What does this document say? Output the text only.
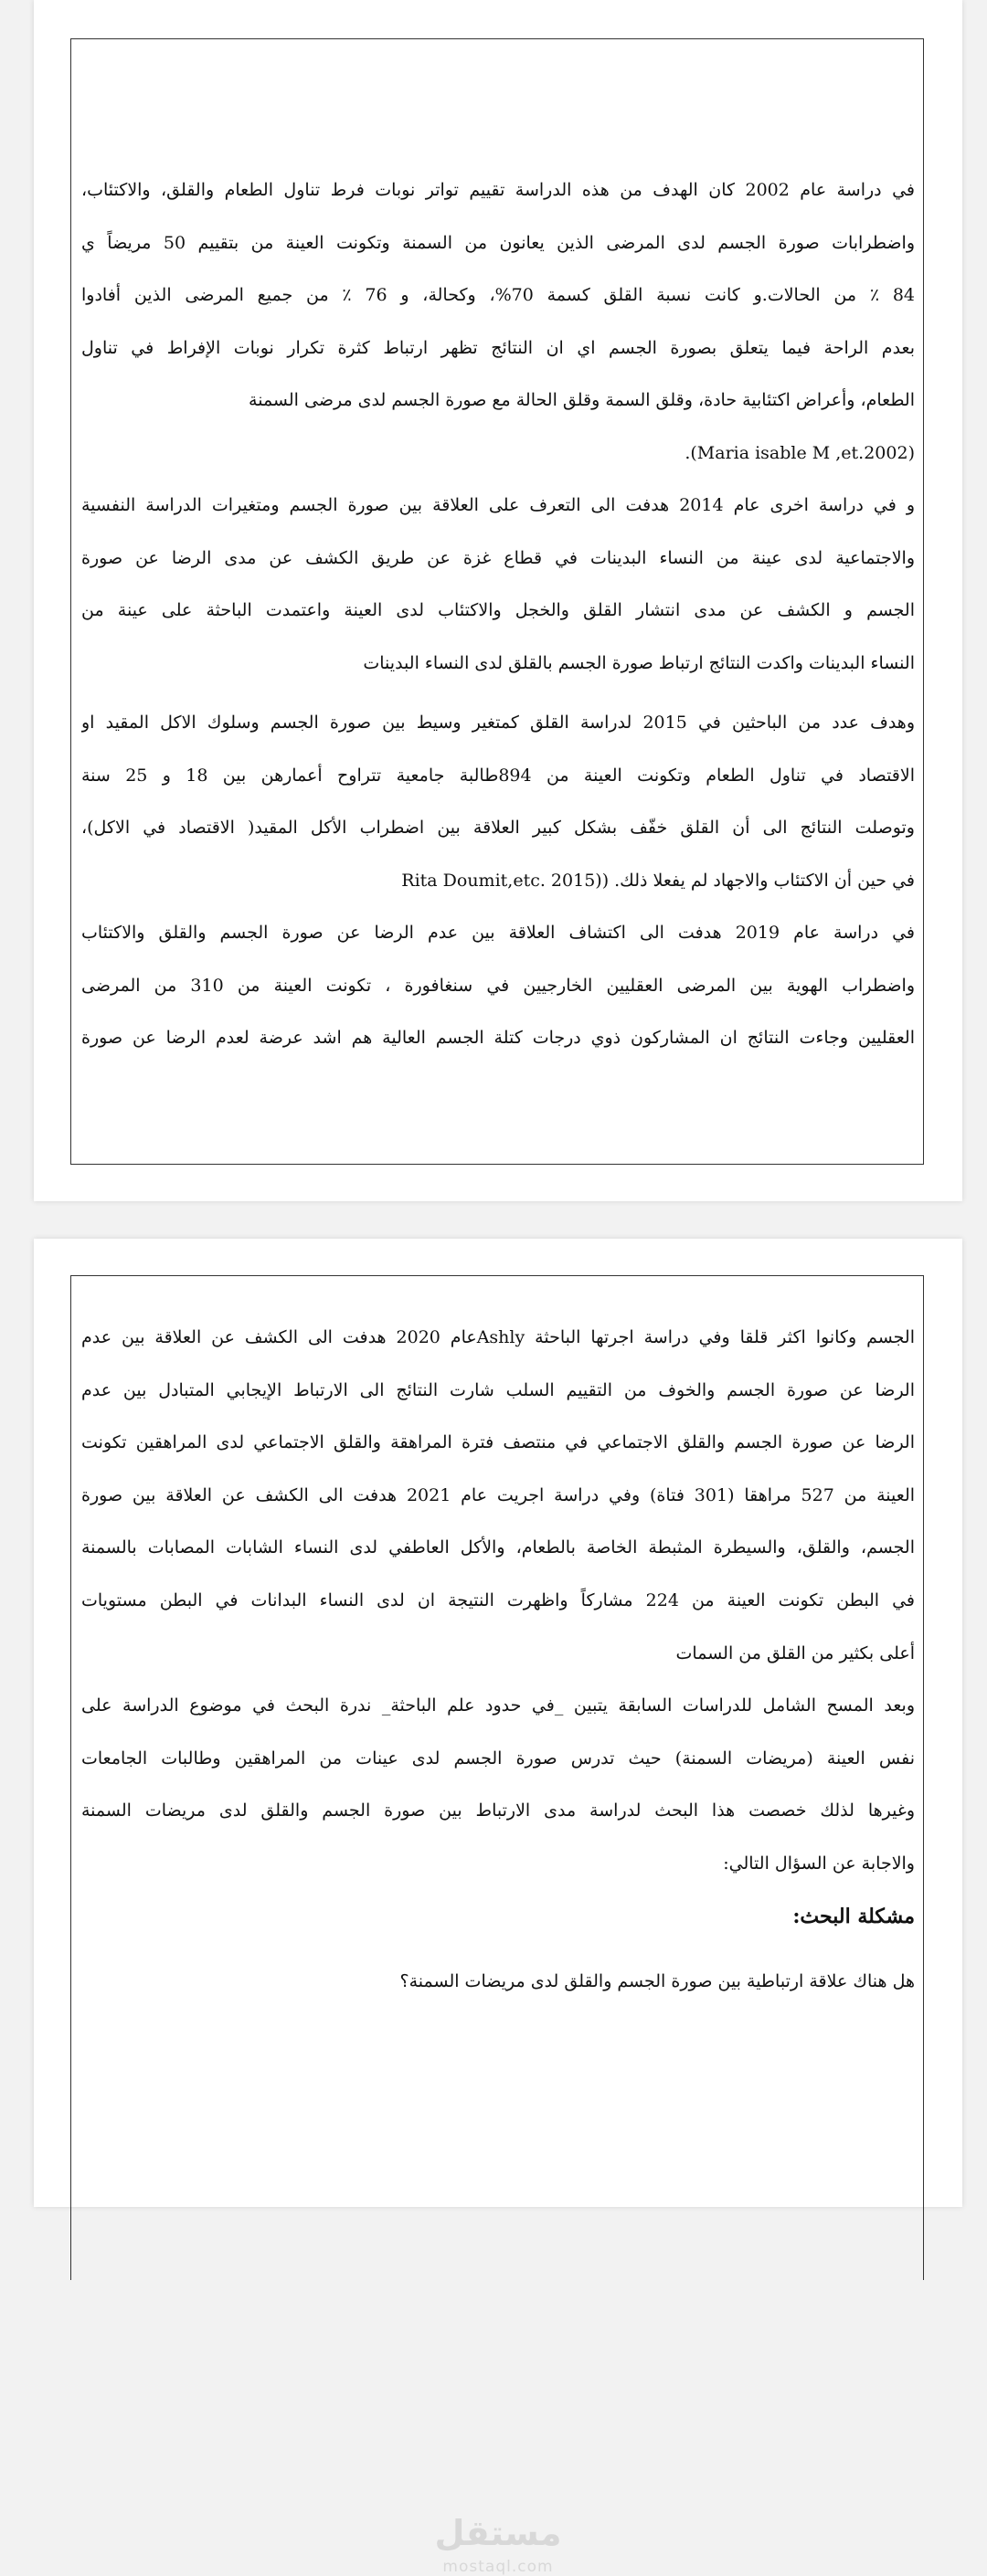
في دراسة عام 2002 كان الهدف من هذه الدراسة تقييم تواتر نوبات فرط تناول الطعام والقلق، والاكتئاب،
واضطرابات صورة الجسم لدى المرضى الذين يعانون من السمنة وتكونت العينة من بتقييم 50 مريضاً ي
84 ٪ من الحالات.و كانت نسبة القلق كسمة 70%، وكحالة، و 76 ٪ من جميع المرضى الذين أفادوا
بعدم الراحة فيما يتعلق بصورة الجسم اي ان النتائج تظهر ارتباط كثرة تكرار نوبات الإفراط في تناول
الطعام، وأعراض اكتئابية حادة، وقلق السمة وقلق الحالة مع صورة الجسم لدى مرضى السمنة
(Maria isable M ,et.2002).
و في دراسة اخرى عام 2014 هدفت الى التعرف على العلاقة بين صورة الجسم ومتغيرات الدراسة النفسية
والاجتماعية لدى عينة من النساء البدينات في قطاع غزة عن طريق الكشف عن مدى الرضا عن صورة
الجسم و الكشف عن مدى انتشار القلق والخجل والاكتئاب لدى العينة واعتمدت الباحثة على عينة من
النساء البدينات واكدت النتائج ارتباط صورة الجسم بالقلق لدى النساء البدينات
وهدف عدد من الباحثين في 2015 لدراسة القلق كمتغير وسيط بين صورة الجسم وسلوك الاكل المقيد او
الاقتصاد في تناول الطعام وتكونت العينة من 894طالبة جامعية تتراوح أعمارهن بين 18 و 25 سنة
وتوصلت النتائج الى أن القلق خفّف بشكل كبير العلاقة بين اضطراب الأكل المقيد( الاقتصاد في الاكل)،
في حين أن الاكتئاب والاجهاد لم يفعلا ذلك. ((Rita Doumit,etc. 2015
في دراسة عام 2019 هدفت الى اكتشاف العلاقة بين عدم الرضا عن صورة الجسم والقلق والاكتئاب
واضطراب الهوية بين المرضى العقليين الخارجيين في سنغافورة ، تكونت العينة من 310 من المرضى
العقليين وجاءت النتائج ان المشاركون ذوي درجات كتلة الجسم العالية هم اشد عرضة لعدم الرضا عن صورة
الجسم وكانوا اكثر قلقا وفي دراسة اجرتها الباحثة Ashlyعام 2020 هدفت الى الكشف عن العلاقة بين عدم
الرضا عن صورة الجسم والخوف من التقييم السلب شارت النتائج الى الارتباط الإيجابي المتبادل بين عدم
الرضا عن صورة الجسم والقلق الاجتماعي في منتصف فترة المراهقة والقلق الاجتماعي لدى المراهقين تكونت
العينة من 527 مراهقا (301 فتاة) وفي دراسة اجريت عام 2021 هدفت الى الكشف عن العلاقة بين صورة
الجسم، والقلق، والسيطرة المثبطة الخاصة بالطعام، والأكل العاطفي لدى النساء الشابات المصابات بالسمنة
في البطن تكونت العينة من 224 مشاركاً واظهرت النتيجة ان لدى النساء البدانات في البطن مستويات
أعلى بكثير من القلق من السمات
وبعد المسح الشامل للدراسات السابقة يتبين _في حدود علم الباحثة_ ندرة البحث في موضوع الدراسة على
نفس العينة (مريضات السمنة) حيث تدرس صورة الجسم لدى عينات من المراهقين وطالبات الجامعات
وغيرها لذلك خصصت هذا البحث لدراسة مدى الارتباط بين صورة الجسم والقلق لدى مريضات السمنة
والاجابة عن السؤال التالي:
مشكلة البحث:
هل هناك علاقة ارتباطية بين صورة الجسم والقلق لدى مريضات السمنة؟
مستقل
mostaql.com
